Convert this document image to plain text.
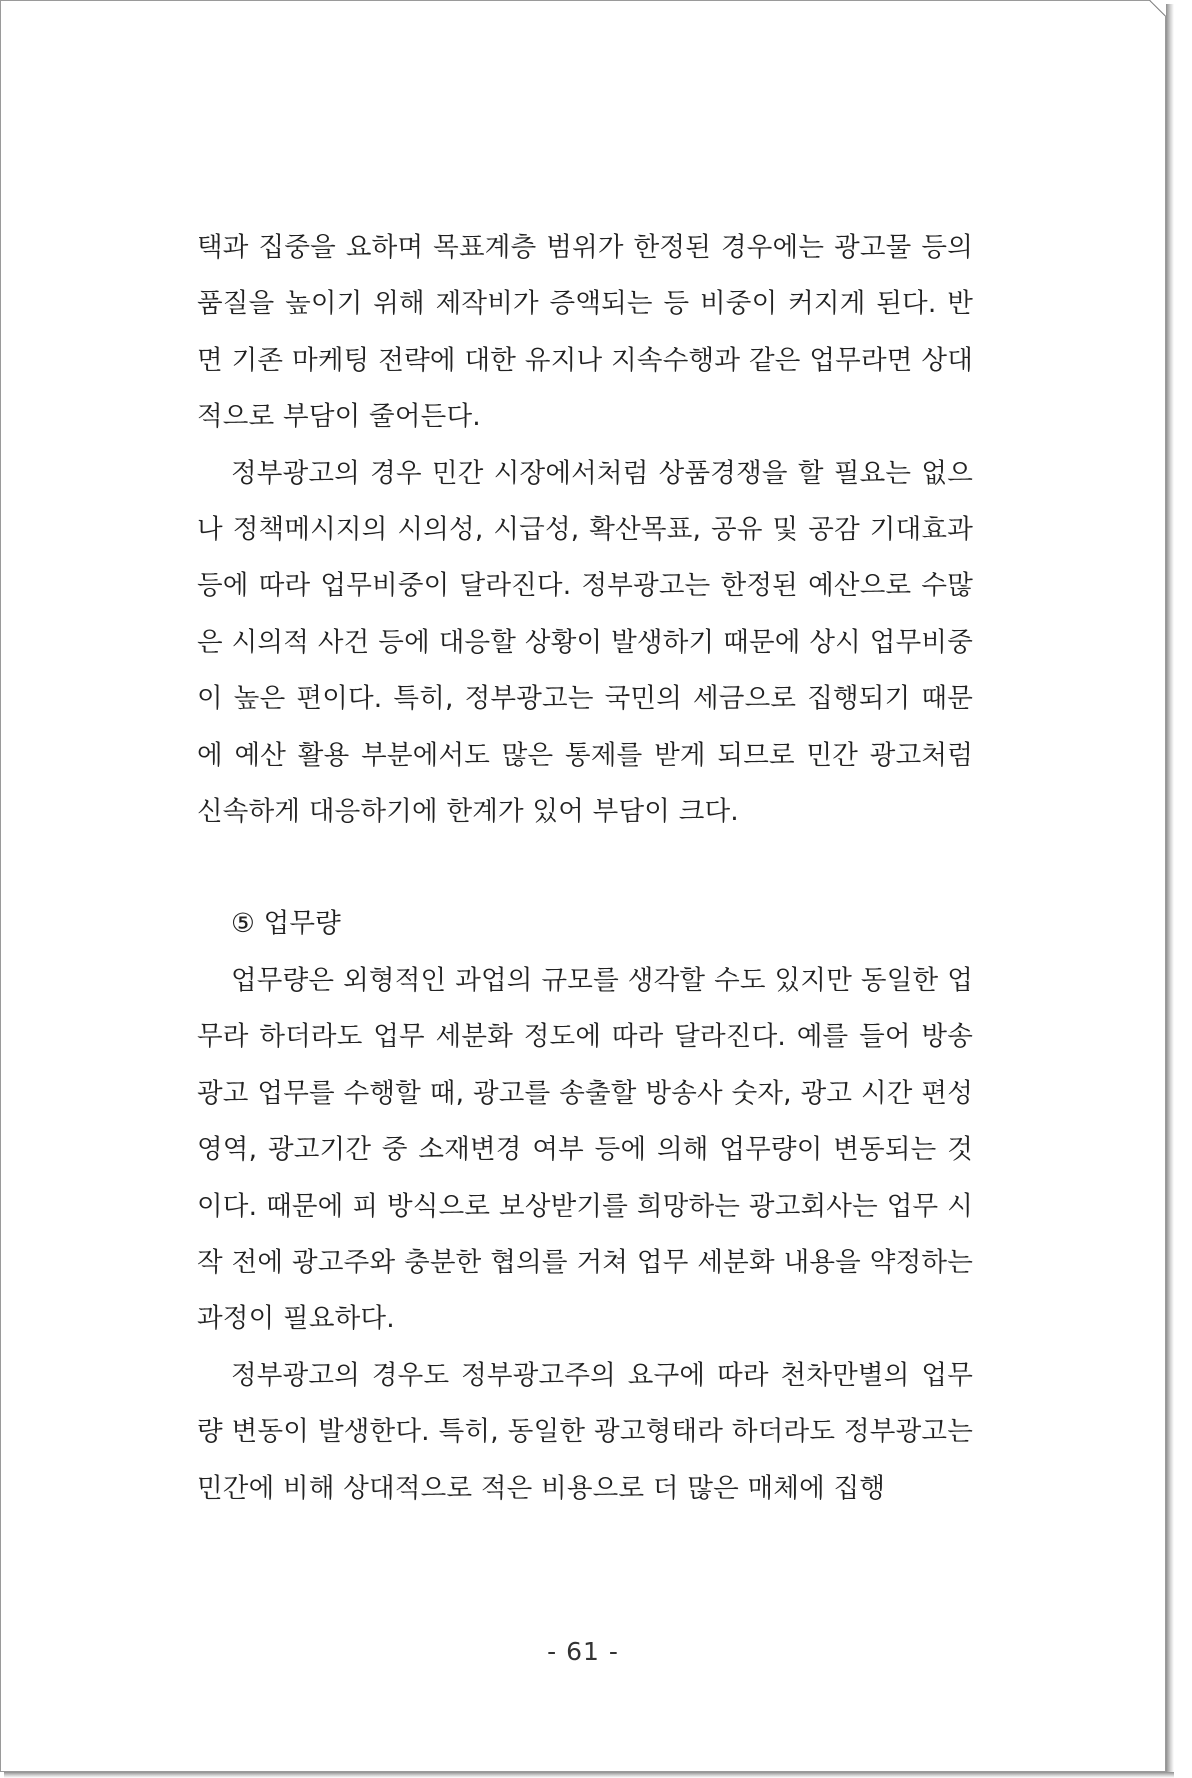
택과 집중을 요하며 목표계층 범위가 한정된 경우에는 광고물 등의 품질을 높이기 위해 제작비가 증액되는 등 비중이 커지게 된다. 반면 기존 마케팅 전략에 대한 유지나 지속수행과 같은 업무라면 상대적으로 부담이 줄어든다.

정부광고의 경우 민간 시장에서처럼 상품경쟁을 할 필요는 없으나 정책메시지의 시의성, 시급성, 확산목표, 공유 및 공감 기대효과 등에 따라 업무비중이 달라진다. 정부광고는 한정된 예산으로 수많은 시의적 사건 등에 대응할 상황이 발생하기 때문에 상시 업무비중이 높은 편이다. 특히, 정부광고는 국민의 세금으로 집행되기 때문에 예산 활용 부분에서도 많은 통제를 받게 되므로 민간 광고처럼 신속하게 대응하기에 한계가 있어 부담이 크다.

⑤ 업무량

업무량은 외형적인 과업의 규모를 생각할 수도 있지만 동일한 업무라 하더라도 업무 세분화 정도에 따라 달라진다. 예를 들어 방송광고 업무를 수행할 때, 광고를 송출할 방송사 숫자, 광고 시간 편성 영역, 광고기간 중 소재변경 여부 등에 의해 업무량이 변동되는 것이다. 때문에 피 방식으로 보상받기를 희망하는 광고회사는 업무 시작 전에 광고주와 충분한 협의를 거쳐 업무 세분화 내용을 약정하는 과정이 필요하다.

정부광고의 경우도 정부광고주의 요구에 따라 천차만별의 업무량 변동이 발생한다. 특히, 동일한 광고형태라 하더라도 정부광고는 민간에 비해 상대적으로 적은 비용으로 더 많은 매체에 집행

- 61 -
